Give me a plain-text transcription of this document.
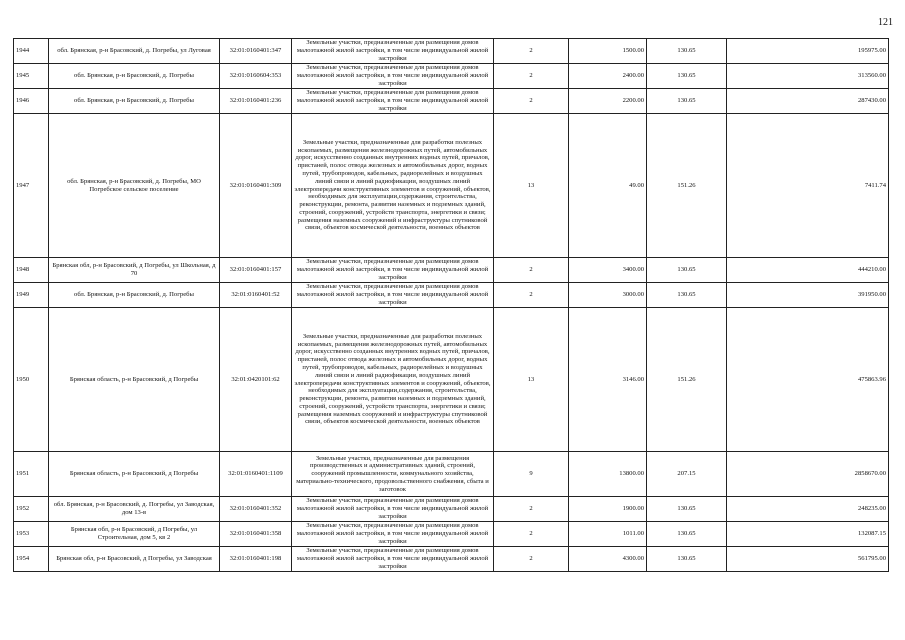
121
1944	обл. Брянская, р-н Брасовский, д. Погребы, ул Луговая	32:01:0160401:347	Земельные участки, предназначенные для размещения домов малоэтажной жилой застройки, в том числе индивидуальной жилой застройки	2	1500.00	130.65	195975.00
1945	обл. Брянская, р-н Брасовский, д. Погребы	32:01:0160604:353	Земельные участки, предназначенные для размещения домов малоэтажной жилой застройки, в том числе индивидуальной жилой застройки	2	2400.00	130.65	313560.00
1946	обл. Брянская, р-н Брасовский, д. Погребы	32:01:0160401:236	Земельные участки, предназначенные для размещения домов малоэтажной жилой застройки, в том числе индивидуальной жилой застройки	2	2200.00	130.65	287430.00
1947	обл. Брянская, р-н Брасовский, д. Погребы, МО Погребское сельское поселение	32:01:0160401:309	Земельные участки, предназначенные для разработки полезных ископаемых, размещения железнодорожных путей, автомобильных дорог, искусственно созданных внутренних водных путей, причалов, пристаней, полос отвода железных и автомобильных дорог, водных путей, трубопроводов, кабельных, радиорелейных и воздушных линий связи и линий радиофикации, воздушных линий электропередачи конструктивных элементов и сооружений, объектов, необходимых для эксплуатации,содержания, строительства, реконструкции, ремонта, развития наземных и подземных зданий, строений, сооружений, устройств транспорта, энергетики и связи; размещения наземных сооружений и инфраструктуры спутниковой связи, объектов космической деятельности, военных объектов	13	49.00	151.26	7411.74
1948	Брянская обл, р-н Брасовский, д Погребы, ул Школьная, д 70	32:01:0160401:157	Земельные участки, предназначенные для размещения домов малоэтажной жилой застройки, в том числе индивидуальной жилой застройки	2	3400.00	130.65	444210.00
1949	обл. Брянская, р-н Брасовский, д. Погребы	32:01:0160401:52	Земельные участки, предназначенные для размещения домов малоэтажной жилой застройки, в том числе индивидуальной жилой застройки	2	3000.00	130.65	391950.00
1950	Брянская область, р-н Брасовский, д Погребы	32:01:0420101:62	Земельные участки, предназначенные для разработки полезных ископаемых, размещения железнодорожных путей, автомобильных дорог, искусственно созданных внутренних водных путей, причалов, пристаней, полос отвода железных и автомобильных дорог, водных путей, трубопроводов, кабельных, радиорелейных и воздушных линий связи и линий радиофикации, воздушных линий электропередачи конструктивных элементов и сооружений, объектов, необходимых для эксплуатации,содержания, строительства, реконструкции, ремонта, развития наземных и подземных зданий, строений, сооружений, устройств транспорта, энергетики и связи; размещения наземных сооружений и инфраструктуры спутниковой связи, объектов космической деятельности, военных объектов	13	3146.00	151.26	475863.96
1951	Брянская область, р-н Брасовский, д Погребы	32:01:0160401:1109	Земельные участки, предназначенные для размещения производственных и административных зданий, строений, сооружений промышленности, коммунального хозяйства, материально-технического, продовольственного снабжения, сбыта и заготовок	9	13800.00	207.15	2858670.00
1952	обл. Брянская, р-н Брасовский, д. Погребы, ул Заводская, дом 13-в	32:01:0160401:352	Земельные участки, предназначенные для размещения домов малоэтажной жилой застройки, в том числе индивидуальной жилой застройки	2	1900.00	130.65	248235.00
1953	Брянская обл, р-н Брасовский, д Погребы, ул Строительная, дом 5, кв 2	32:01:0160401:358	Земельные участки, предназначенные для размещения домов малоэтажной жилой застройки, в том числе индивидуальной жилой застройки	2	1011.00	130.65	132087.15
1954	Брянская обл, р-н Брасовский, д Погребы, ул Заводская	32:01:0160401:198	Земельные участки, предназначенные для размещения домов малоэтажной жилой застройки, в том числе индивидуальной жилой застройки	2	4300.00	130.65	561795.00
